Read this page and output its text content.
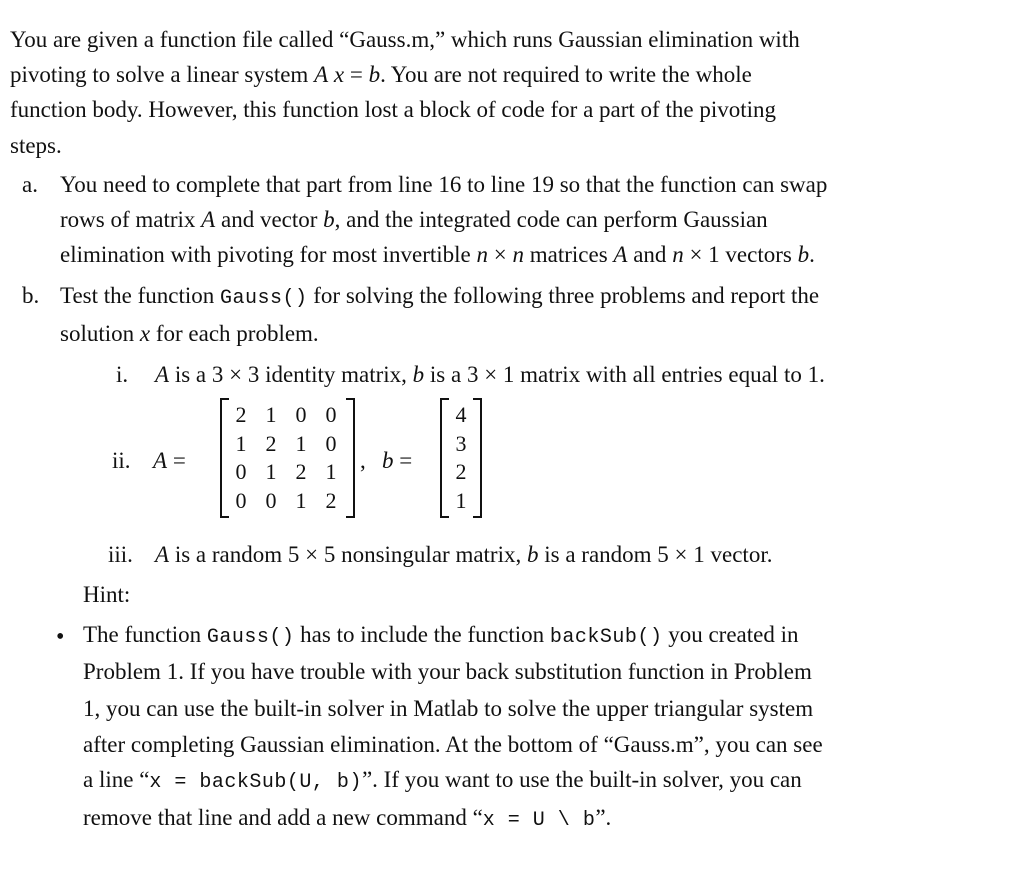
You are given a function file called “Gauss.m,” which runs Gaussian elimination with
pivoting to solve a linear system A x = b. You are not required to write the whole
function body. However, this function lost a block of code for a part of the pivoting
steps.
a. You need to complete that part from line 16 to line 19 so that the function can swap
rows of matrix A and vector b, and the integrated code can perform Gaussian
elimination with pivoting for most invertible n × n matrices A and n × 1 vectors b.
b. Test the function Gauss() for solving the following three problems and report the
solution x for each problem.
i. A is a 3 × 3 identity matrix, b is a 3 × 1 matrix with all entries equal to 1.
ii. A =
2 1 0 0
1 2 1 0
0 1 2 1
0 0 1 2
, b =
4
3
2
1
iii. A is a random 5 × 5 nonsingular matrix, b is a random 5 × 1 vector.
Hint:
• The function Gauss() has to include the function backSub() you created in
Problem 1. If you have trouble with your back substitution function in Problem
1, you can use the built-in solver in Matlab to solve the upper triangular system
after completing Gaussian elimination. At the bottom of “Gauss.m”, you can see
a line “x = backSub(U, b)”. If you want to use the built-in solver, you can
remove that line and add a new command “x = U \ b”.
